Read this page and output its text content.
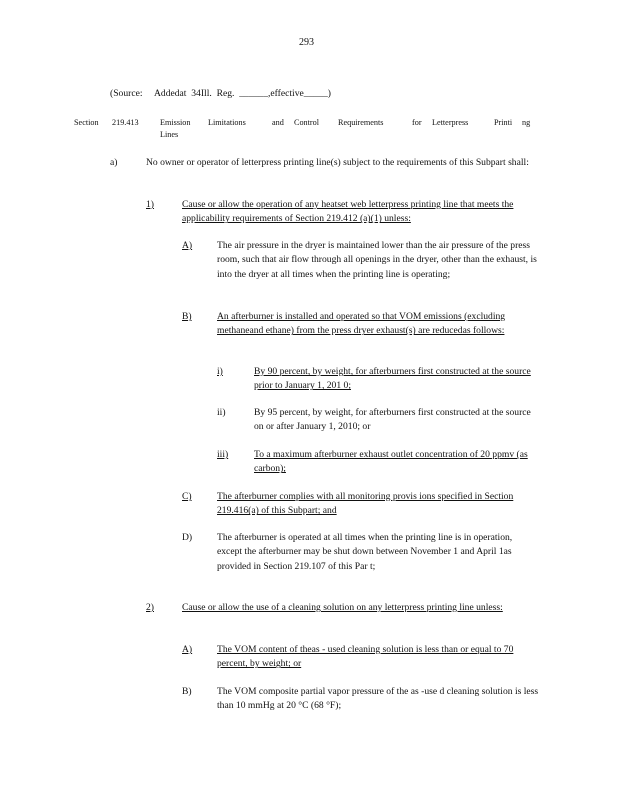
293
(Source:     Addedat  34Ill.  Reg.  ______,effective_____)
Section 219.413	Emission Limitations	and Control Requirements	for Letterpress	Printi ng
Lines
a)	No owner or operator of letterpress printing line(s) subject to the requirements of this Subpart shall:
1)	Cause or allow the operation of any heatset web letterpress printing line that meets the applicability requirements of Section 219.412 (a)(1) unless:
A)	The air pressure in the dryer is maintained lower than the air pressure of the press room, such that air flow through all openings in the dryer, other than the exhaust, is into the dryer at all times when the printing line is operating;
B)	An afterburner is installed and operated so that VOM emissions (excluding methaneand ethane) from the press dryer exhaust(s) are reducedas follows:
i)	By 90 percent, by weight, for afterburners first constructed at the source prior to January 1, 201 0;
ii)	By 95 percent, by weight, for afterburners first constructed at the source on or after January 1, 2010; or
iii)	To a maximum afterburner exhaust outlet concentration of 20 ppmv (as carbon);
C)	The afterburner complies with all monitoring provis ions specified in Section 219.416(a) of this Subpart; and
D)	The afterburner is operated at all times when the printing line is in operation, except the afterburner may be shut down between November 1 and April 1as provided in Section 219.107 of this Par t;
2)	Cause or allow the use of a cleaning solution on any letterpress printing line unless:
A)	The VOM content of theas - used cleaning solution is less than or equal to 70 percent, by weight; or
B)	The VOM composite partial vapor pressure of the as -use d cleaning solution is less than 10 mmHg at 20 °C (68 °F);
